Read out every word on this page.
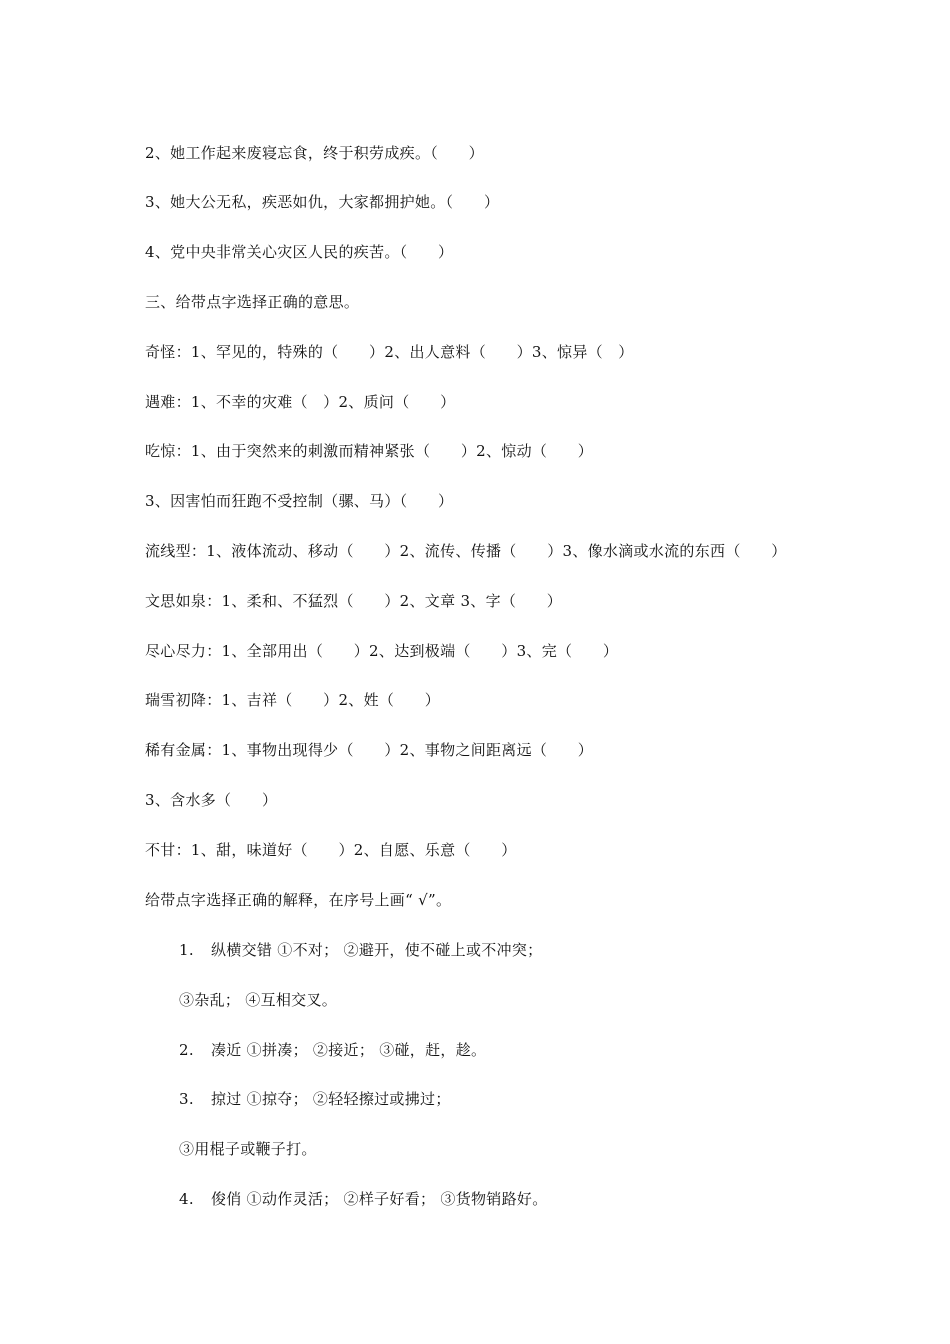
2、她工作起来废寝忘食，终于积劳成疾。（　　）
3、她大公无私，疾恶如仇，大家都拥护她。（　　）
4、党中央非常关心灾区人民的疾苦。（　　）
三、给带点字选择正确的意思。
奇怪：1、罕见的，特殊的（　　）2、出人意料（　　）3、惊异（　）
遇难：1、不幸的灾难（　）2、质问（　　）
吃惊：1、由于突然来的刺激而精神紧张（　　）2、惊动（　　）
3、因害怕而狂跑不受控制（骡、马）（　　）
流线型：1、液体流动、移动（　　）2、流传、传播（　　）3、像水滴或水流的东西（　　）
文思如泉：1、柔和、不猛烈（　　）2、文章 3、字（　　）
尽心尽力：1、全部用出（　　）2、达到极端（　　）3、完（　　）
瑞雪初降：1、吉祥（　　）2、姓（　　）
稀有金属：1、事物出现得少（　　）2、事物之间距离远（　　）
3、含水多（　　）
不甘：1、甜，味道好（　　）2、自愿、乐意（　　）
给带点字选择正确的解释，在序号上画“ √”。
1. 纵横交错 ①不对； ②避开，使不碰上或不冲突；
③杂乱； ④互相交叉。
2. 凑近 ①拼凑； ②接近； ③碰，赶，趁。
3. 掠过 ①掠夺； ②轻轻擦过或拂过；
③用棍子或鞭子打。
4. 俊俏 ①动作灵活； ②样子好看； ③货物销路好。
